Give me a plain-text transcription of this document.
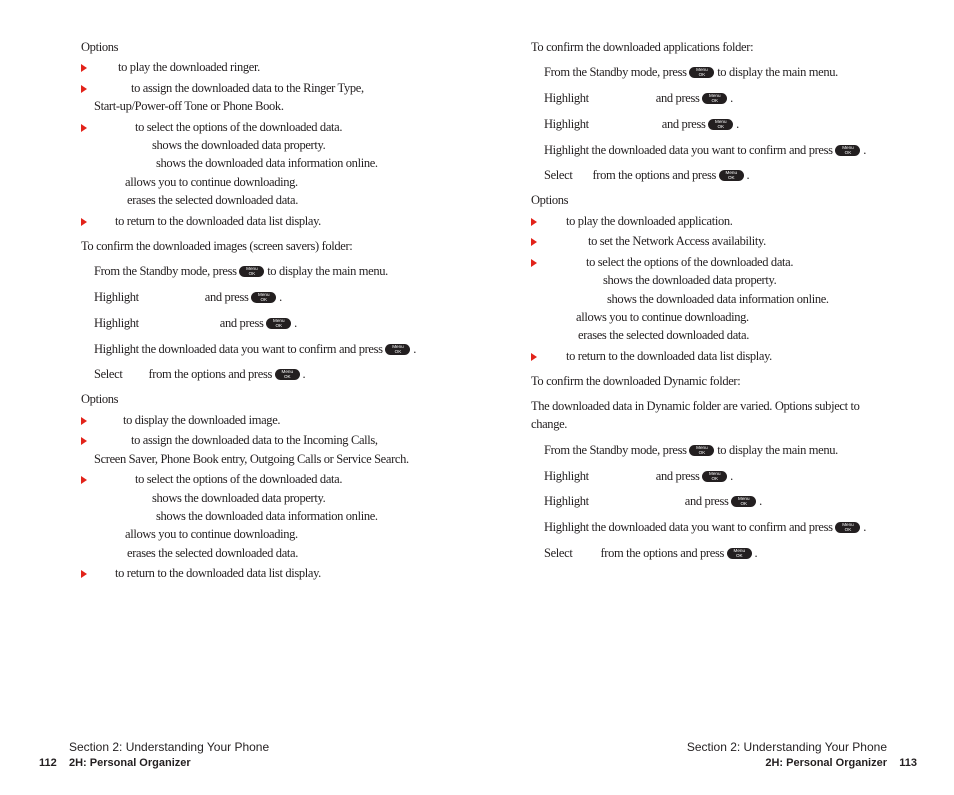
Options
to play the downloaded ringer.
to assign the downloaded data to the Ringer Type,
Start-up/Power-off Tone or Phone Book.
to select the options of the downloaded data.
shows the downloaded data property.
shows the downloaded data information online.
allows you to continue downloading.
erases the selected downloaded data.
to return to the downloaded data list display.
To confirm the downloaded images (screen savers) folder:
From the Standby mode, press	Menu
OK to display the main menu.
Highlight	and press	Menu
OK .
Highlight	and press	Menu
OK .
Highlight the downloaded data you want to confirm and press	Menu
OK .
Select from the options and press	Menu
OK .
Options
to display the downloaded image.
to assign the downloaded data to the Incoming Calls,
Screen Saver, Phone Book entry, Outgoing Calls or Service Search.
to select the options of the downloaded data.
shows the downloaded data property.
shows the downloaded data information online.
allows you to continue downloading.
erases the selected downloaded data.
to return to the downloaded data list display.
Section 2: Understanding Your Phone
112 2H: Personal Organizer
To confirm the downloaded applications folder:
From the Standby mode, press	Menu
OK to display the main menu.
Highlight	and press	Menu
OK .
Highlight	and press	Menu
OK .
Highlight the downloaded data you want to confirm and press	Menu
OK .
Select from the options and press	Menu
OK .
Options
to play the downloaded application.
to set the Network Access availability.
to select the options of the downloaded data.
shows the downloaded data property.
shows the downloaded data information online.
allows you to continue downloading.
erases the selected downloaded data.
to return to the downloaded data list display.
To confirm the downloaded Dynamic folder:
The downloaded data in Dynamic folder are varied. Options subject to
change.
From the Standby mode, press	Menu
OK to display the main menu.
Highlight	and press	Menu
OK .
Highlight	and press	Menu
OK .
Highlight the downloaded data you want to confirm and press	Menu
OK .
Select from the options and press	Menu
OK .
Section 2: Understanding Your Phone
2H: Personal Organizer 113
